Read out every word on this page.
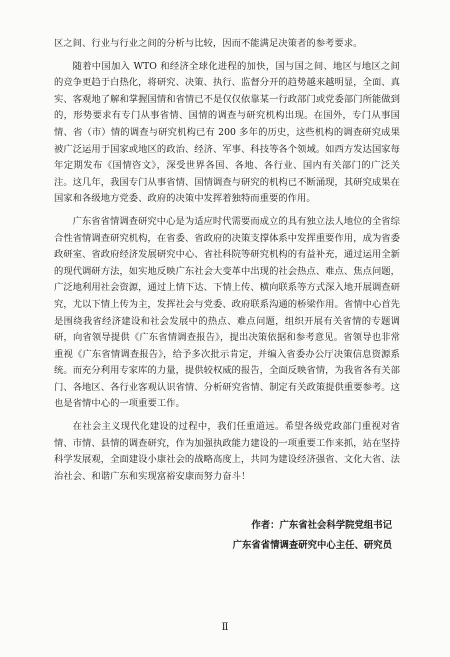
区之间、行业与行业之间的分析与比较，因而不能满足决策者的参考要求。

随着中国加入 WTO 和经济全球化进程的加快，国与国之间、地区与地区之间的竞争更趋于白热化，将研究、决策、执行、监督分开的趋势越来越明显，全面、真实、客观地了解和掌握国情和省情已不是仅仅依靠某一行政部门或党委部门所能做到的，形势要求有专门从事省情、国情的调查与研究机构出现。在国外，专门从事国情、省（市）情的调查与研究机构已有 200 多年的历史，这些机构的调查研究成果被广泛运用于国家或地区的政治、经济、军事、科技等各个领域。如西方发达国家每年定期发布《国情咨文》，深受世界各国、各地、各行业、国内有关部门的广泛关注。这几年，我国专门从事省情、国情调查与研究的机构已不断涌现，其研究成果在国家和各级地方党委、政府的决策中发挥着独特而重要的作用。

广东省省情调查研究中心是为适应时代需要而成立的具有独立法人地位的全省综合性省情调查研究机构，在省委、省政府的决策支撑体系中发挥重要作用，成为省委政研室、省政府经济发展研究中心、省社科院等研究机构的有益补充，通过运用全新的现代调研方法，如实地反映广东社会大变革中出现的社会热点、难点、焦点问题，广泛地利用社会资源，通过上情下达、下情上传、横向联系等方式深入地开展调查研究，尤以下情上传为主，发挥社会与党委、政府联系沟通的桥梁作用。省情中心首先是围绕我省经济建设和社会发展中的热点、难点问题，组织开展有关省情的专题调研，向省领导提供《广东省情调查报告》，提出决策依据和参考意见。省领导也非常重视《广东省情调查报告》，给予多次批示肯定，并编入省委办公厅决策信息资源系统。而充分利用专家库的力量，提供较权威的报告，全面反映省情，为我省各有关部门、各地区、各行业客观认识省情、分析研究省情、制定有关政策提供重要参考。这也是省情中心的一项重要工作。

在社会主义现代化建设的过程中，我们任重道远。希望各级党政部门重视对省情、市情、县情的调查研究，作为加强执政能力建设的一项重要工作来抓，站在坚持科学发展观，全面建设小康社会的战略高度上，共同为建设经济强省、文化大省、法治社会、和谐广东和实现富裕安康而努力奋斗！

作者：广东省社会科学院党组书记
广东省省情调查研究中心主任、研究员
Ⅱ
